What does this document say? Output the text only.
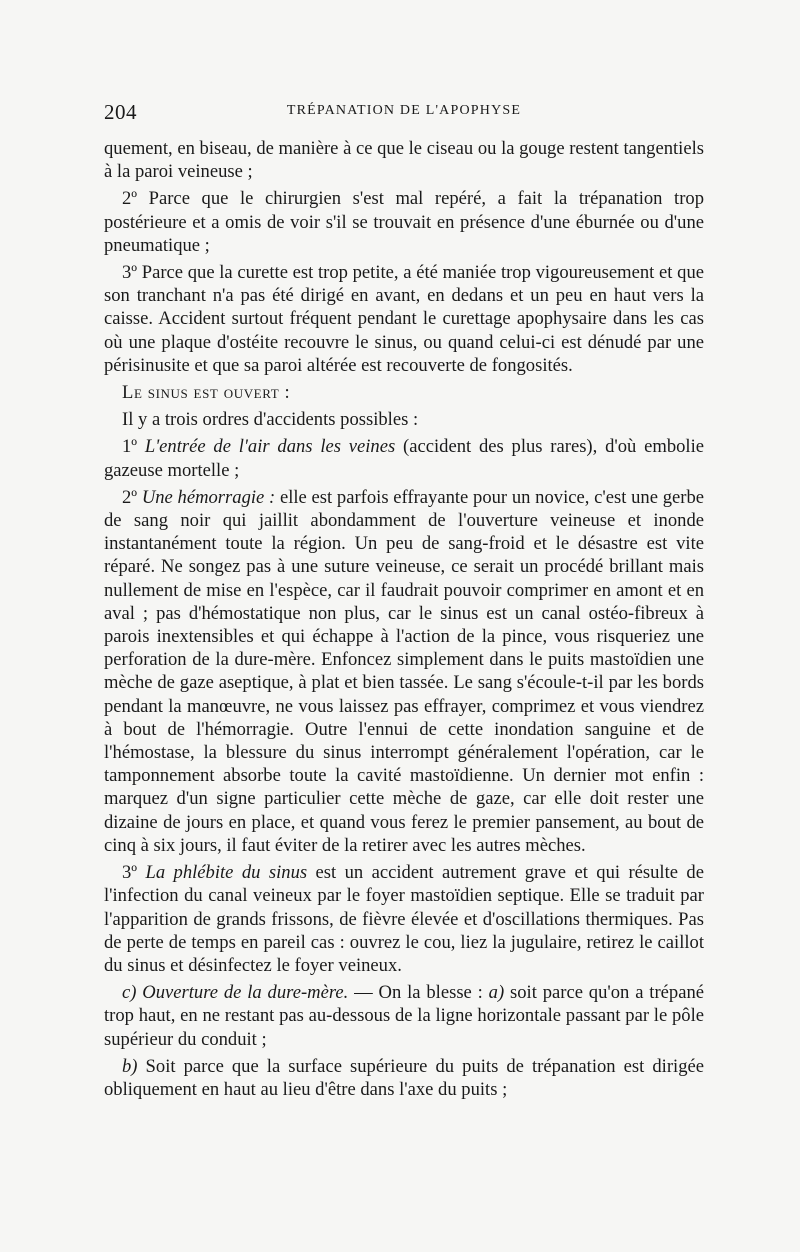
204	TRÉPANATION DE L'APOPHYSE

quement, en biseau, de manière à ce que le ciseau ou la gouge restent tangentiels à la paroi veineuse ;

2º Parce que le chirurgien s'est mal repéré, a fait la trépanation trop postérieure et a omis de voir s'il se trouvait en présence d'une éburnée ou d'une pneumatique ;

3º Parce que la curette est trop petite, a été maniée trop vigoureusement et que son tranchant n'a pas été dirigé en avant, en dedans et un peu en haut vers la caisse. Accident surtout fréquent pendant le curettage apophysaire dans les cas où une plaque d'ostéite recouvre le sinus, ou quand celui-ci est dénudé par une périsinusite et que sa paroi altérée est recouverte de fongosités.

Le sinus est ouvert :

Il y a trois ordres d'accidents possibles :

1º L'entrée de l'air dans les veines (accident des plus rares), d'où embolie gazeuse mortelle ;

2º Une hémorragie : elle est parfois effrayante pour un novice, c'est une gerbe de sang noir qui jaillit abondamment de l'ouverture veineuse et inonde instantanément toute la région. Un peu de sang-froid et le désastre est vite réparé. Ne songez pas à une suture veineuse, ce serait un procédé brillant mais nullement de mise en l'espèce, car il faudrait pouvoir comprimer en amont et en aval ; pas d'hémostatique non plus, car le sinus est un canal ostéo-fibreux à parois inextensibles et qui échappe à l'action de la pince, vous risqueriez une perforation de la dure-mère. Enfoncez simplement dans le puits mastoïdien une mèche de gaze aseptique, à plat et bien tassée. Le sang s'écoule-t-il par les bords pendant la manœuvre, ne vous laissez pas effrayer, comprimez et vous viendrez à bout de l'hémorragie. Outre l'ennui de cette inondation sanguine et de l'hémostase, la blessure du sinus interrompt généralement l'opération, car le tamponnement absorbe toute la cavité mastoïdienne. Un dernier mot enfin : marquez d'un signe particulier cette mèche de gaze, car elle doit rester une dizaine de jours en place, et quand vous ferez le premier pansement, au bout de cinq à six jours, il faut éviter de la retirer avec les autres mèches.

3º La phlébite du sinus est un accident autrement grave et qui résulte de l'infection du canal veineux par le foyer mastoïdien septique. Elle se traduit par l'apparition de grands frissons, de fièvre élevée et d'oscillations thermiques. Pas de perte de temps en pareil cas : ouvrez le cou, liez la jugulaire, retirez le caillot du sinus et désinfectez le foyer veineux.

c) Ouverture de la dure-mère. — On la blesse : a) soit parce qu'on a trépané trop haut, en ne restant pas au-dessous de la ligne horizontale passant par le pôle supérieur du conduit ;

b) Soit parce que la surface supérieure du puits de trépanation est dirigée obliquement en haut au lieu d'être dans l'axe du puits ;
